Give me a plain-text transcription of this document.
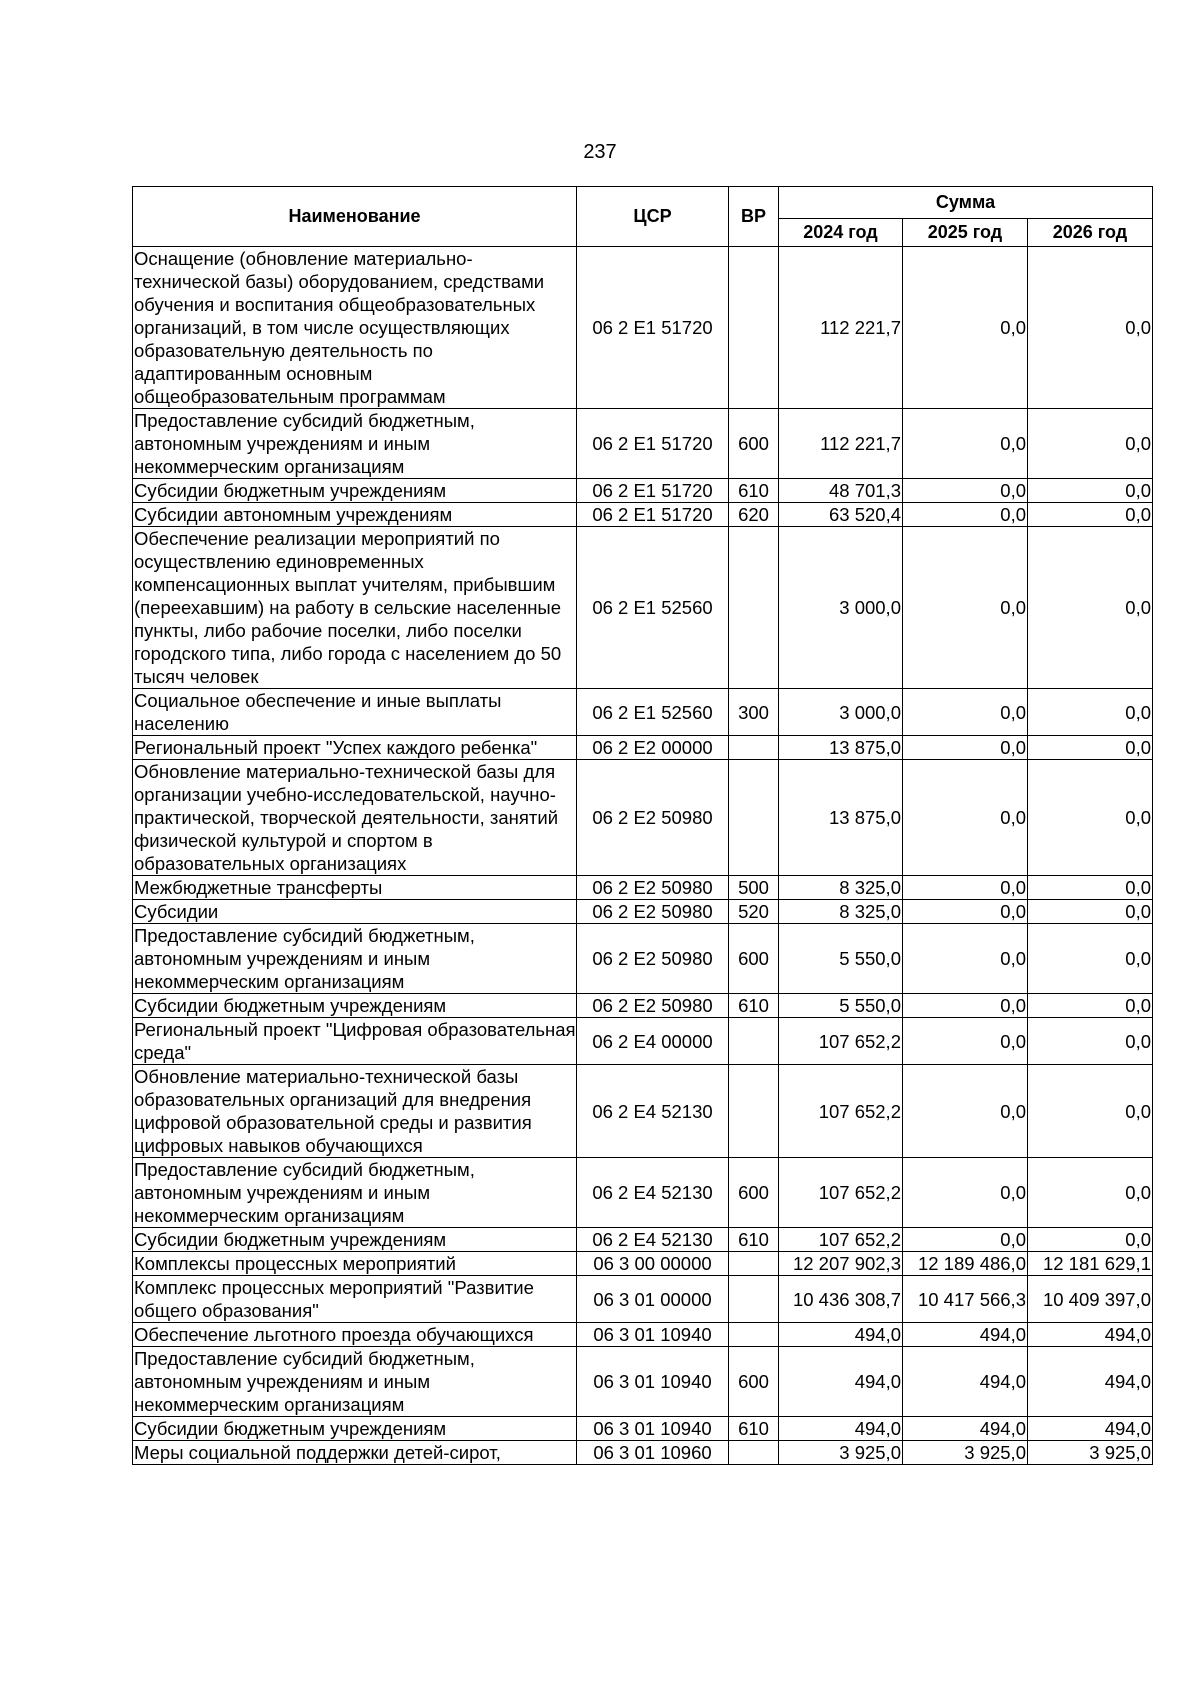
237
Наименование	ЦСР	ВР	Сумма		
			2024 год	2025 год	2026 год
Оснащение (обновление материально-технической базы) оборудованием, средствами обучения и воспитания общеобразовательных организаций, в том числе осуществляющих образовательную деятельность по адаптированным основным общеобразовательным программам	06 2 E1 51720		112 221,7	0,0	0,0
Предоставление субсидий бюджетным, автономным учреждениям и иным некоммерческим организациям	06 2 E1 51720	600	112 221,7	0,0	0,0
Субсидии бюджетным учреждениям	06 2 E1 51720	610	48 701,3	0,0	0,0
Субсидии автономным учреждениям	06 2 E1 51720	620	63 520,4	0,0	0,0
Обеспечение реализации мероприятий по осуществлению единовременных компенсационных выплат учителям, прибывшим (переехавшим) на работу в сельские населенные пункты, либо рабочие поселки, либо поселки городского типа, либо города с населением до 50 тысяч человек	06 2 E1 52560		3 000,0	0,0	0,0
Социальное обеспечение и иные выплаты населению	06 2 E1 52560	300	3 000,0	0,0	0,0
Региональный проект "Успех каждого ребенка"	06 2 E2 00000		13 875,0	0,0	0,0
Обновление материально-технической базы для организации учебно-исследовательской, научно-практической, творческой деятельности, занятий физической культурой и спортом в образовательных организациях	06 2 E2 50980		13 875,0	0,0	0,0
Межбюджетные трансферты	06 2 E2 50980	500	8 325,0	0,0	0,0
Субсидии	06 2 E2 50980	520	8 325,0	0,0	0,0
Предоставление субсидий бюджетным, автономным учреждениям и иным некоммерческим организациям	06 2 E2 50980	600	5 550,0	0,0	0,0
Субсидии бюджетным учреждениям	06 2 E2 50980	610	5 550,0	0,0	0,0
Региональный проект "Цифровая образовательная среда"	06 2 E4 00000		107 652,2	0,0	0,0
Обновление материально-технической базы образовательных организаций для внедрения цифровой образовательной среды и развития цифровых навыков обучающихся	06 2 E4 52130		107 652,2	0,0	0,0
Предоставление субсидий бюджетным, автономным учреждениям и иным некоммерческим организациям	06 2 E4 52130	600	107 652,2	0,0	0,0
Субсидии бюджетным учреждениям	06 2 E4 52130	610	107 652,2	0,0	0,0
Комплексы процессных мероприятий	06 3 00 00000		12 207 902,3	12 189 486,0	12 181 629,1
Комплекс процессных мероприятий "Развитие общего образования"	06 3 01 00000		10 436 308,7	10 417 566,3	10 409 397,0
Обеспечение льготного проезда обучающихся	06 3 01 10940		494,0	494,0	494,0
Предоставление субсидий бюджетным, автономным учреждениям и иным некоммерческим организациям	06 3 01 10940	600	494,0	494,0	494,0
Субсидии бюджетным учреждениям	06 3 01 10940	610	494,0	494,0	494,0
Меры социальной поддержки детей-сирот,	06 3 01 10960		3 925,0	3 925,0	3 925,0
